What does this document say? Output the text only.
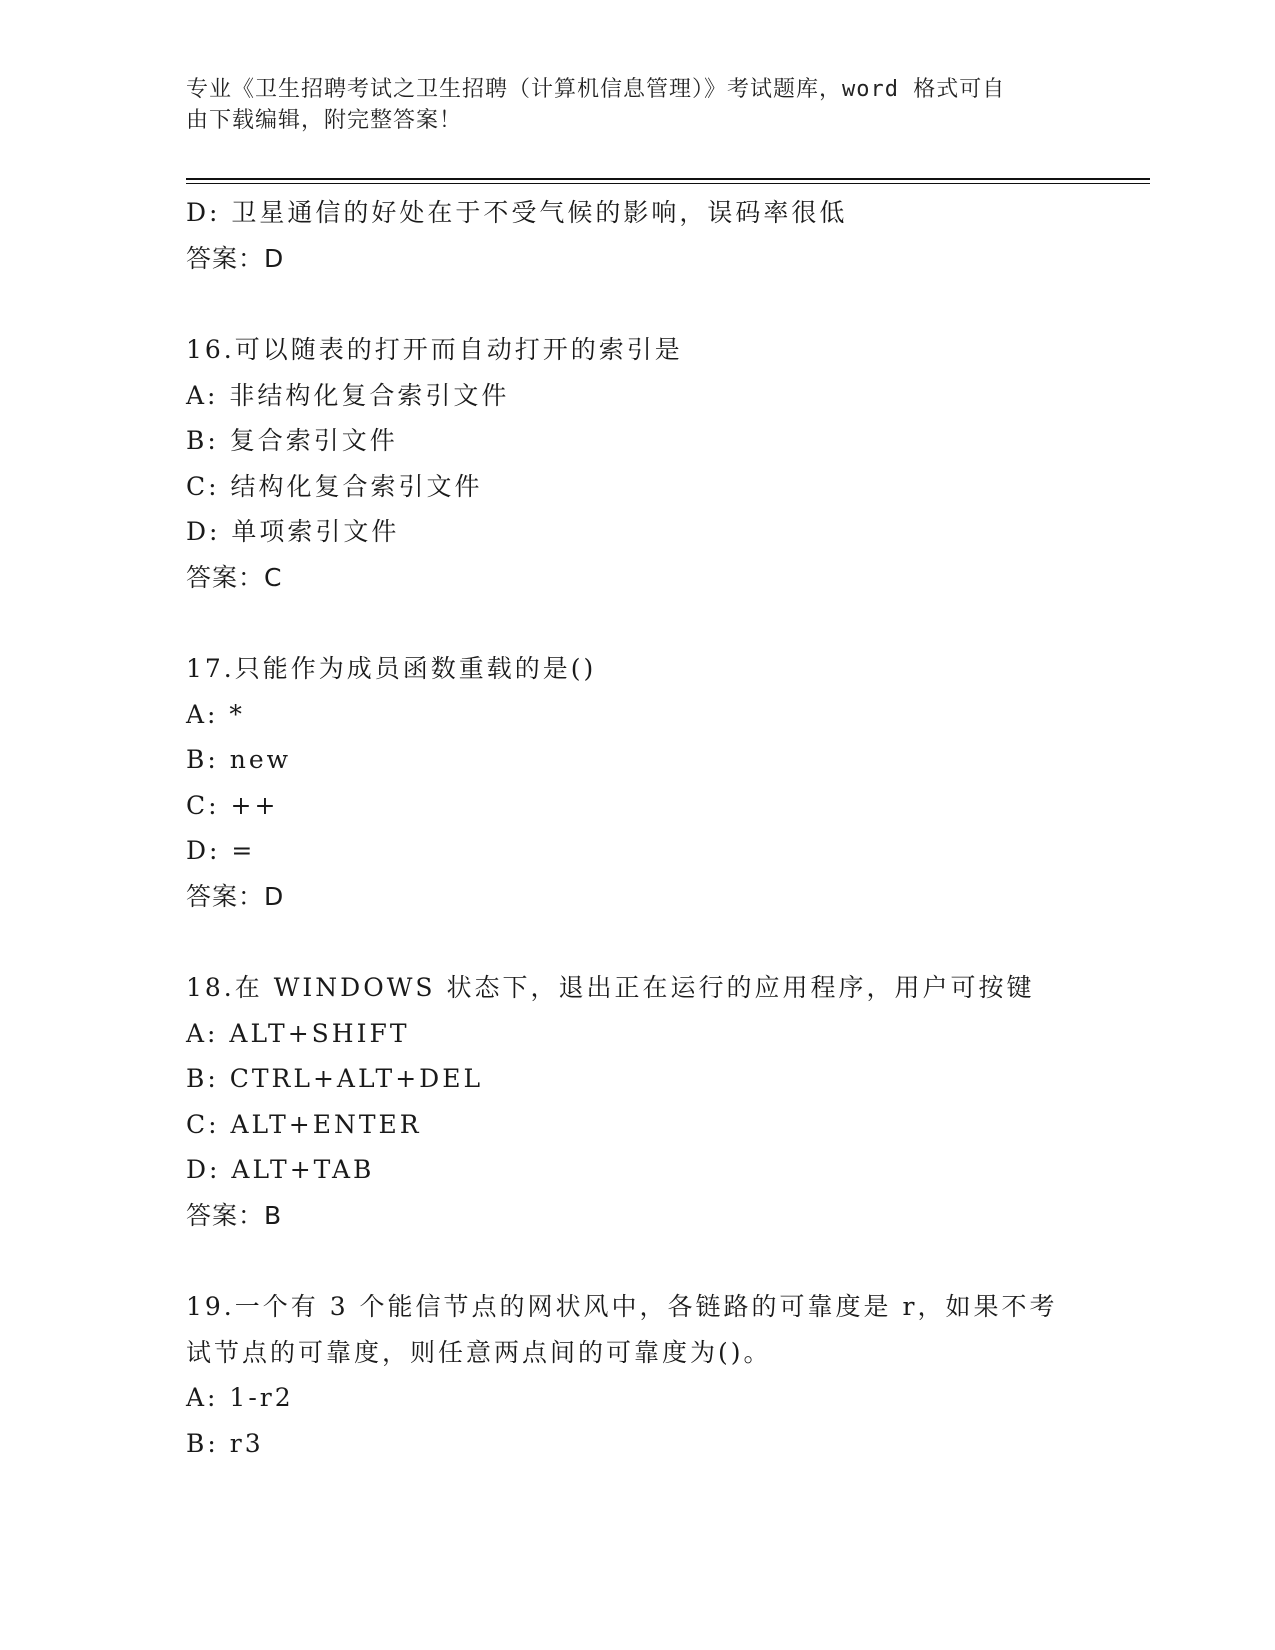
专业《卫生招聘考试之卫生招聘（计算机信息管理）》考试题库，word 格式可自
由下载编辑，附完整答案！
D: 卫星通信的好处在于不受气候的影响，误码率很低
答案：D
16.可以随表的打开而自动打开的索引是
A: 非结构化复合索引文件
B: 复合索引文件
C: 结构化复合索引文件
D: 单项索引文件
答案：C
17.只能作为成员函数重载的是()
A: *
B: new
C: ++
D: =
答案：D
18.在 WINDOWS 状态下，退出正在运行的应用程序，用户可按键
A: ALT+SHIFT
B: CTRL+ALT+DEL
C: ALT+ENTER
D: ALT+TAB
答案：B
19.一个有 3 个能信节点的网状风中，各链路的可靠度是 r，如果不考
试节点的可靠度，则任意两点间的可靠度为()。
A: 1-r2
B: r3
